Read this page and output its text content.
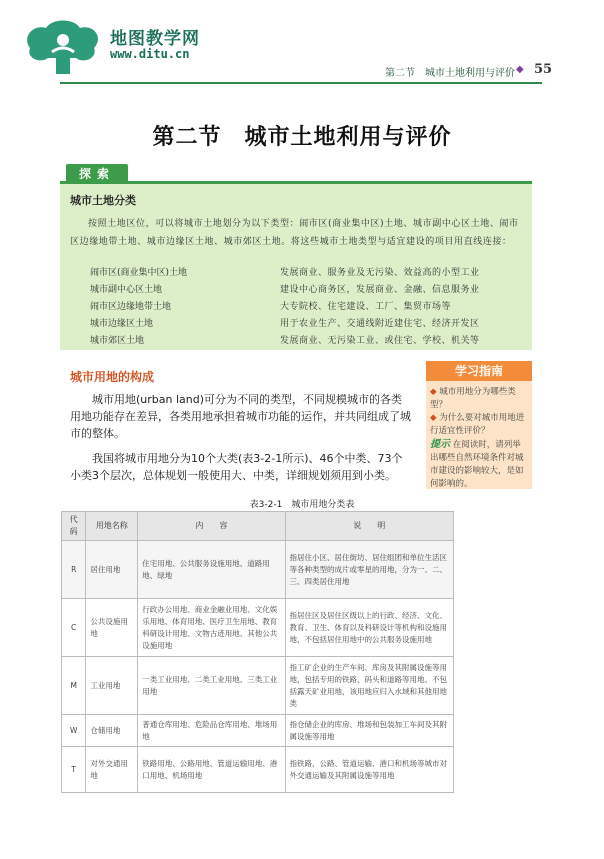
地图教学网
www.ditu.cn
第二节　城市土地利用与评价 ◆ 55
第二节　城市土地利用与评价
探索
城市土地分类
按照土地区位，可以将城市土地划分为以下类型：闹市区(商业集中区)土地、城市副中心区土地、闹市区边缘地带土地、城市边缘区土地、城市郊区土地。将这些城市土地类型与适宜建设的项目用直线连接：
闹市区(商业集中区)土地	发展商业、服务业及无污染、效益高的小型工业
城市副中心区土地	建设中心商务区，发展商业、金融、信息服务业
闹市区边缘地带土地	大专院校、住宅建设、工厂、集贸市场等
城市边缘区土地	用于农业生产、交通线附近建住宅、经济开发区
城市郊区土地	发展商业、无污染工业、或住宅、学校、机关等
城市用地的构成
城市用地(urban land)可分为不同的类型，不同规模城市的各类用地功能存在差异，各类用地承担着城市功能的运作，并共同组成了城市的整体。
我国将城市用地分为10个大类(表3-2-1所示)、46个中类、73个小类3个层次，总体规划一般使用大、中类，详细规划须用到小类。
学习指南
◆ 城市用地分为哪些类型？
◆ 为什么要对城市用地进行适宜性评价？
提示 在阅读时，请列举出哪些自然环境条件对城市建设的影响较大，是如何影响的。
表3-2-1　城市用地分类表
代码	用地名称	内　　容	说　　明
R	居住用地	住宅用地、公共服务设施用地、道路用地、绿地	指居住小区、居住街坊、居住组团和单位生活区等各种类型的成片或零星的用地，分为一、二、三、四类居住用地
C	公共设施用地	行政办公用地、商业金融业用地、文化娱乐用地、体育用地、医疗卫生用地、教育科研设计用地、文物古迹用地、其他公共设施用地	指居住区及居住区级以上的行政、经济、文化、教育、卫生、体育以及科研设计等机构和设施用地，不包括居住用地中的公共服务设施用地
M	工业用地	一类工业用地、二类工业用地、三类工业用地	指工矿企业的生产车间、库房及其附属设施等用地，包括专用的铁路、码头和道路等用地。不包括露天矿业用地，该用地应归入水域和其他用地类
W	仓储用地	普通仓库用地、危险品仓库用地、堆场用地	指仓储企业的库房、堆场和包装加工车间及其附属设施等用地
T	对外交通用地	铁路用地、公路用地、管道运输用地、港口用地、机场用地	指铁路、公路、管道运输、港口和机场等城市对外交通运输及其附属设施等用地
